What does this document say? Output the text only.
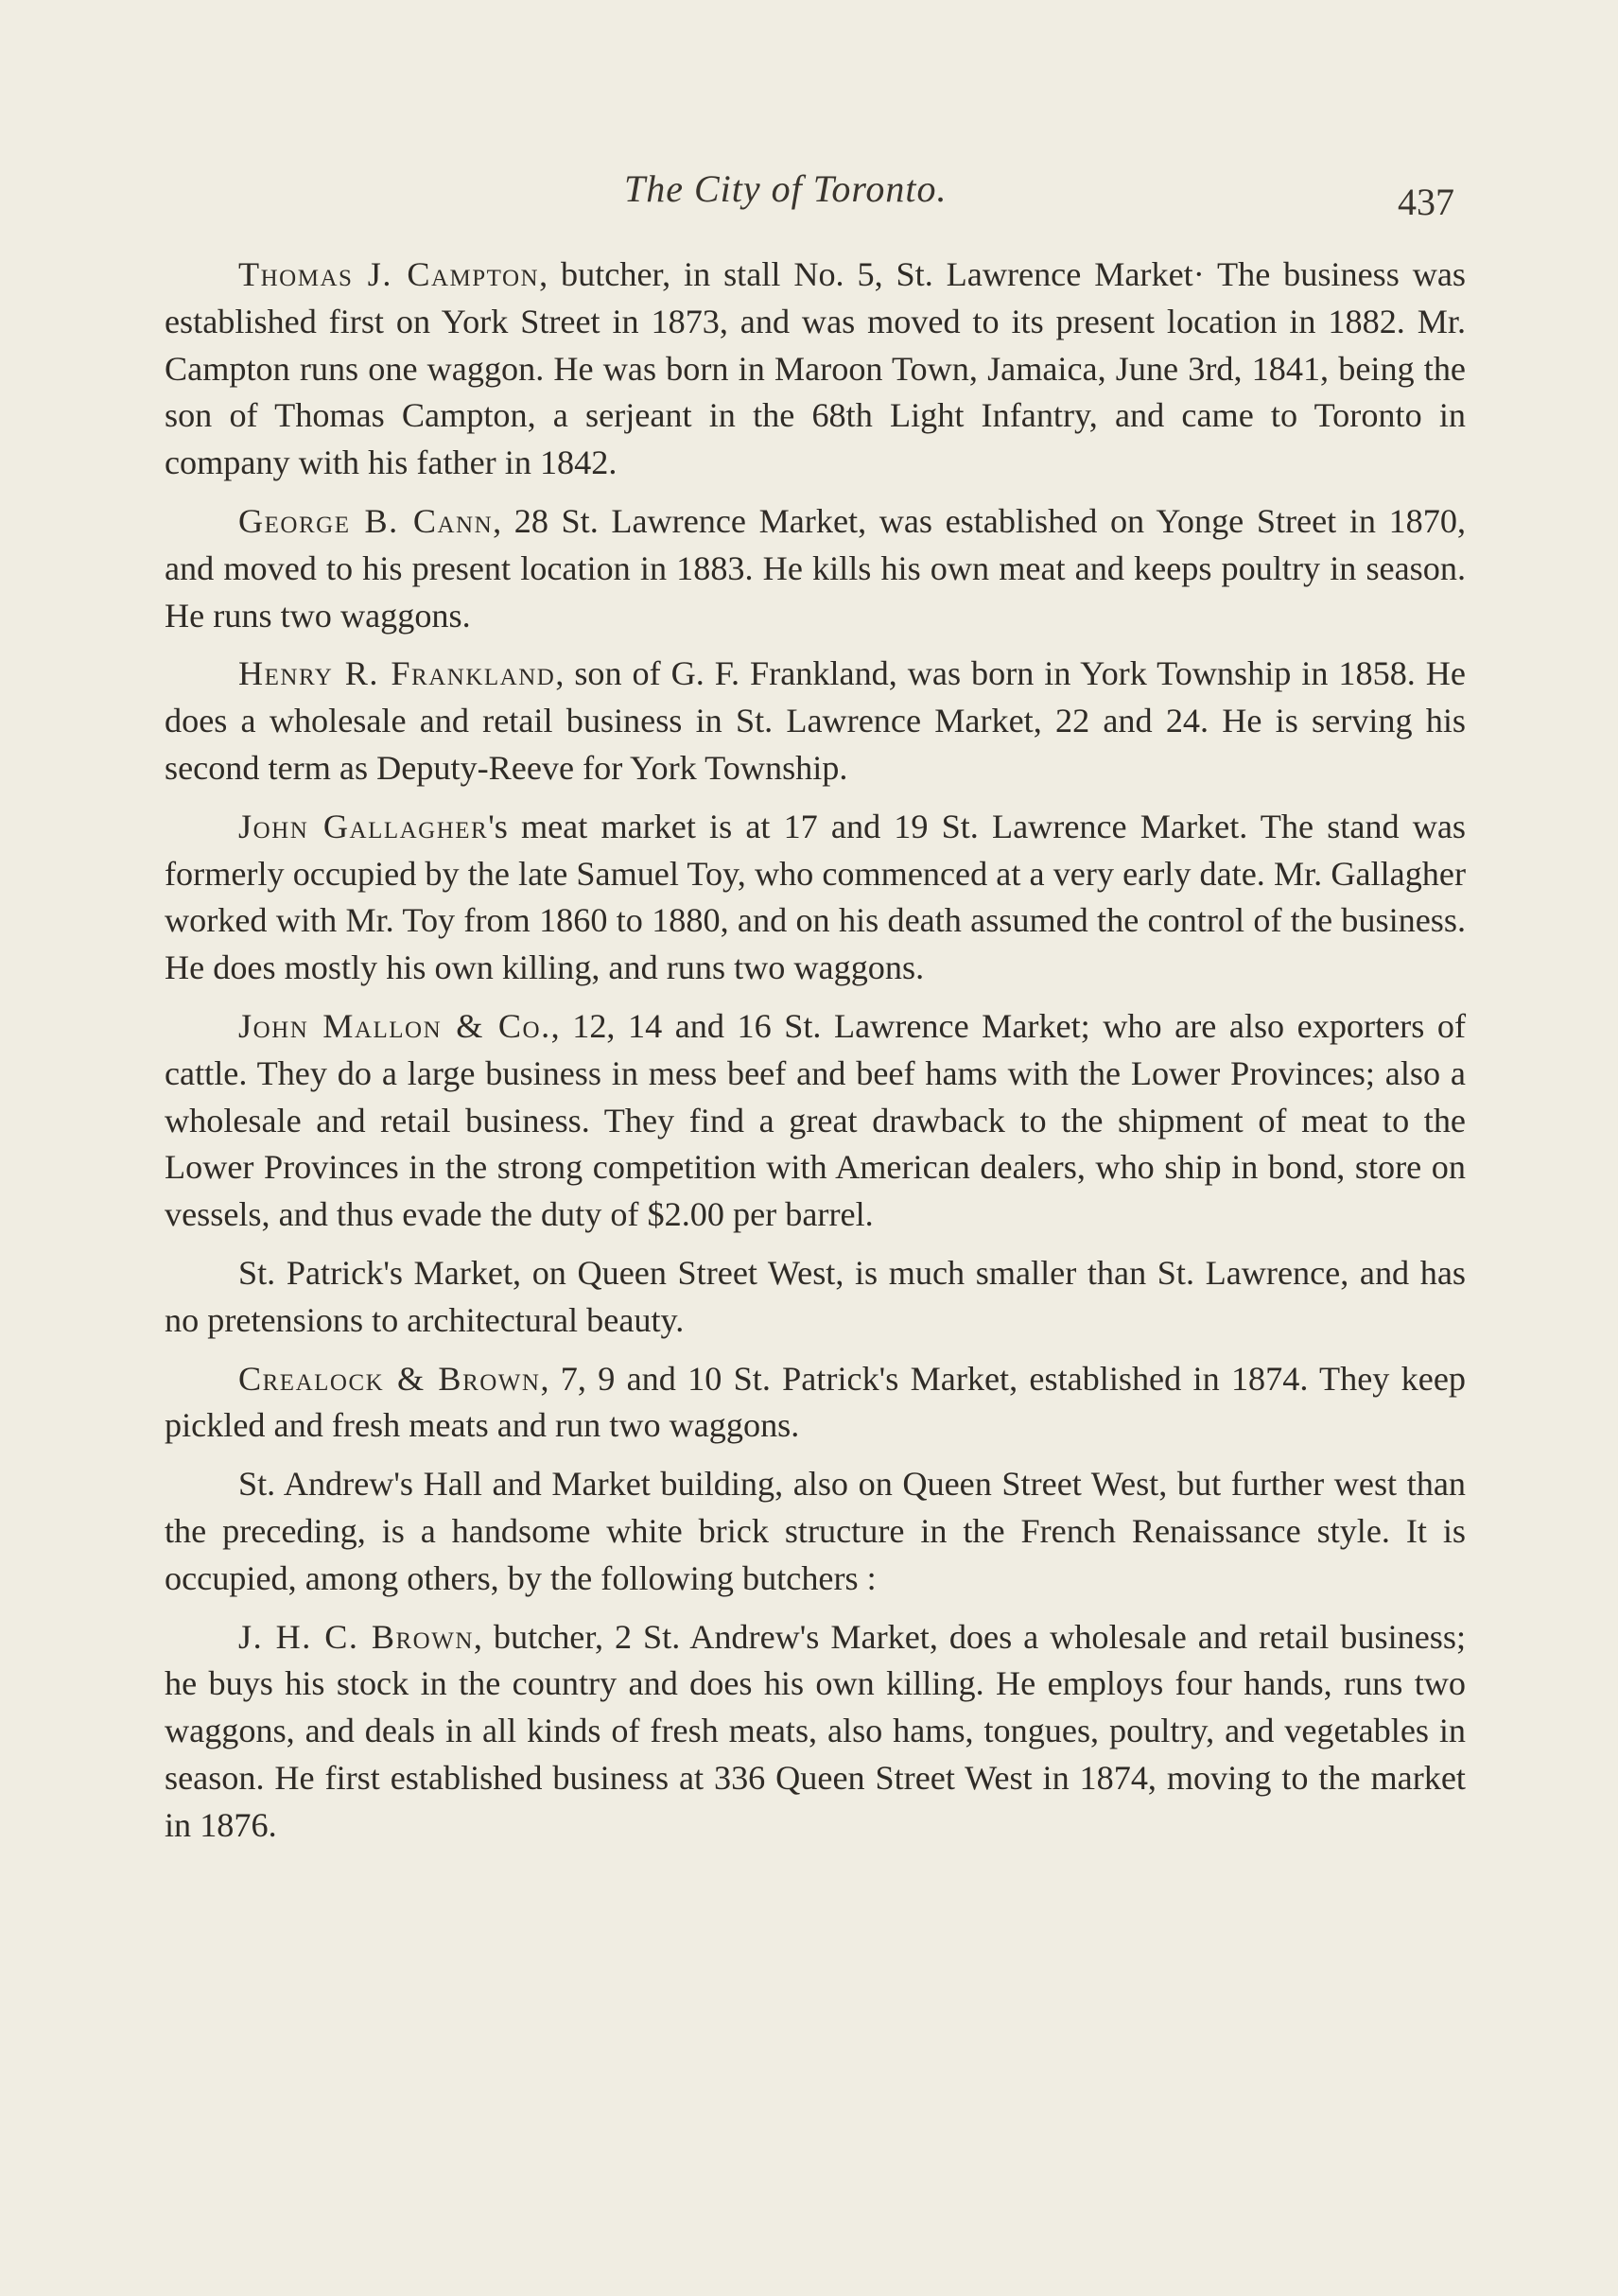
The City of Toronto.	437

Thomas J. Campton, butcher, in stall No. 5, St. Lawrence Market· The business was established first on York Street in 1873, and was moved to its present location in 1882. Mr. Campton runs one waggon. He was born in Maroon Town, Jamaica, June 3rd, 1841, being the son of Thomas Campton, a serjeant in the 68th Light Infantry, and came to Toronto in company with his father in 1842.

George B. Cann, 28 St. Lawrence Market, was established on Yonge Street in 1870, and moved to his present location in 1883. He kills his own meat and keeps poultry in season. He runs two waggons.

Henry R. Frankland, son of G. F. Frankland, was born in York Township in 1858. He does a wholesale and retail business in St. Lawrence Market, 22 and 24. He is serving his second term as Deputy-Reeve for York Township.

John Gallagher's meat market is at 17 and 19 St. Lawrence Market. The stand was formerly occupied by the late Samuel Toy, who commenced at a very early date. Mr. Gallagher worked with Mr. Toy from 1860 to 1880, and on his death assumed the control of the business. He does mostly his own killing, and runs two waggons.

John Mallon & Co., 12, 14 and 16 St. Lawrence Market; who are also exporters of cattle. They do a large business in mess beef and beef hams with the Lower Provinces; also a wholesale and retail business. They find a great drawback to the shipment of meat to the Lower Provinces in the strong competition with American dealers, who ship in bond, store on vessels, and thus evade the duty of $2.00 per barrel.

St. Patrick's Market, on Queen Street West, is much smaller than St. Lawrence, and has no pretensions to architectural beauty.

Crealock & Brown, 7, 9 and 10 St. Patrick's Market, established in 1874. They keep pickled and fresh meats and run two waggons.

St. Andrew's Hall and Market building, also on Queen Street West, but further west than the preceding, is a handsome white brick structure in the French Renaissance style. It is occupied, among others, by the following butchers :

J. H. C. Brown, butcher, 2 St. Andrew's Market, does a wholesale and retail business; he buys his stock in the country and does his own killing. He employs four hands, runs two waggons, and deals in all kinds of fresh meats, also hams, tongues, poultry, and vegetables in season. He first established business at 336 Queen Street West in 1874, moving to the market in 1876.
